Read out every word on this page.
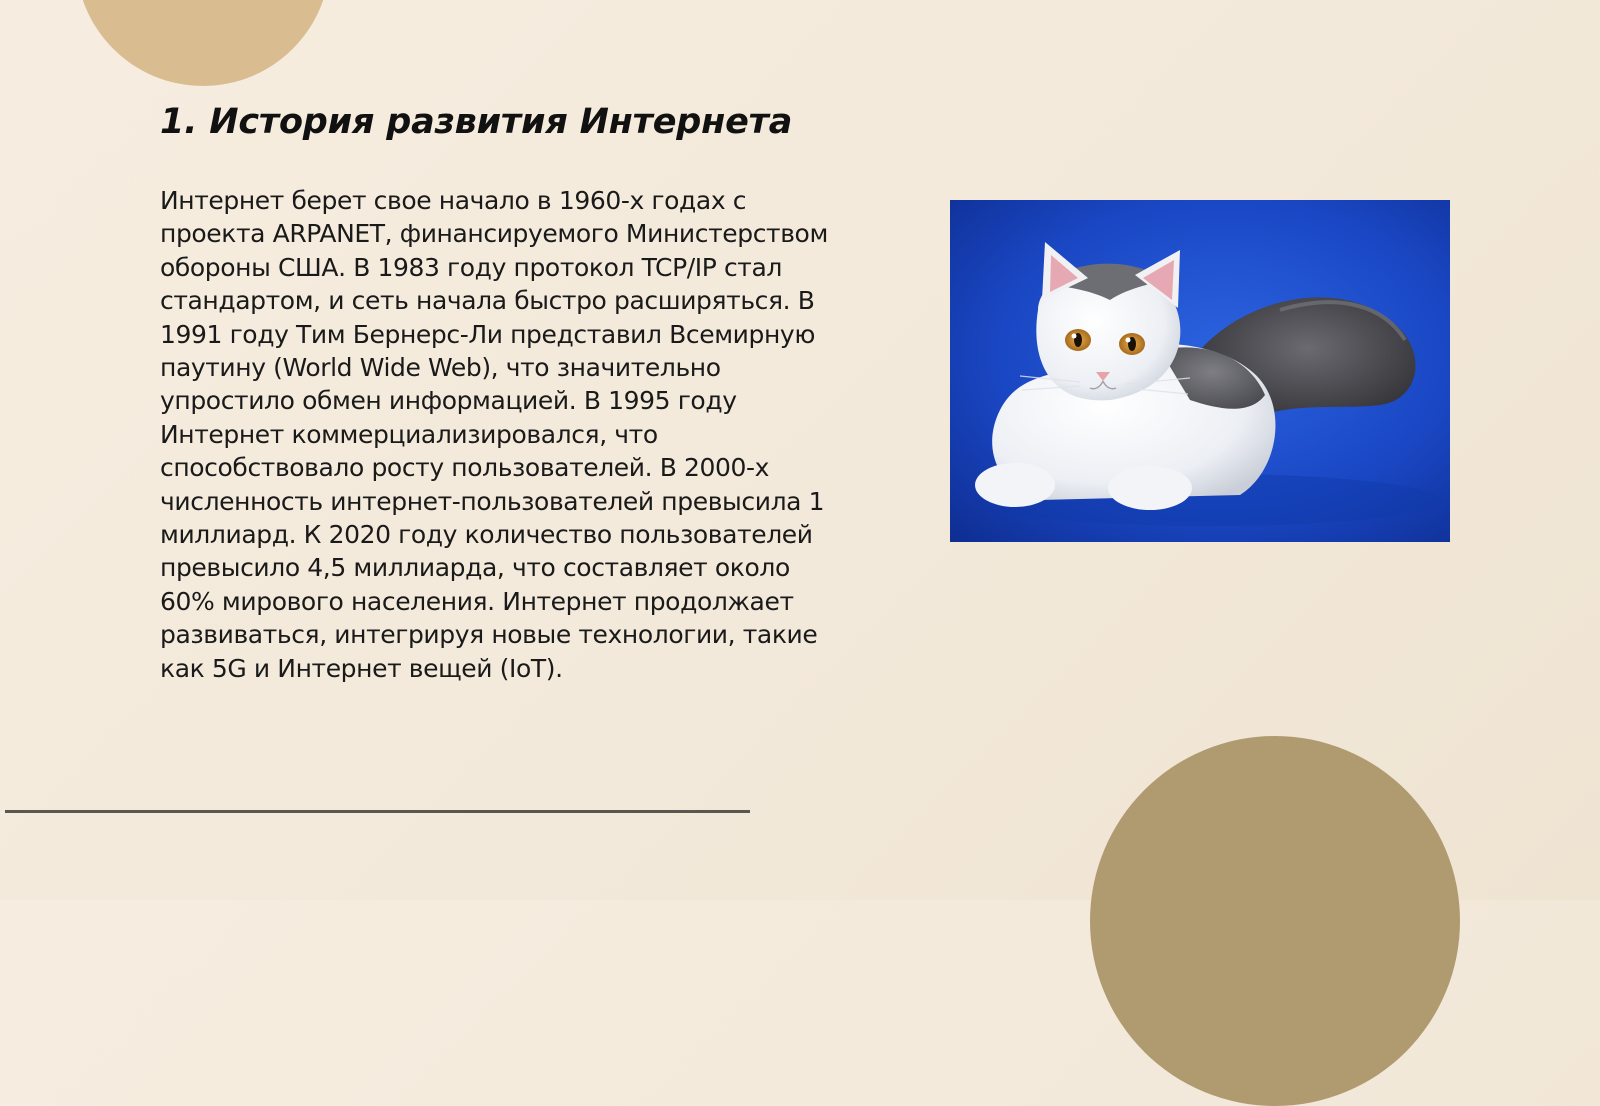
1. История развития Интернета

Интернет берет свое начало в 1960-х годах с проекта ARPANET, финансируемого Министерством обороны США. В 1983 году протокол TCP/IP стал стандартом, и сеть начала быстро расширяться. В 1991 году Тим Бернерс-Ли представил Всемирную паутину (World Wide Web), что значительно упростило обмен информацией. В 1995 году Интернет коммерциализировался, что способствовало росту пользователей. В 2000-х численность интернет-пользователей превысила 1 миллиард. К 2020 году количество пользователей превысило 4,5 миллиарда, что составляет около 60% мирового населения. Интернет продолжает развиваться, интегрируя новые технологии, такие как 5G и Интернет вещей (IoT).
